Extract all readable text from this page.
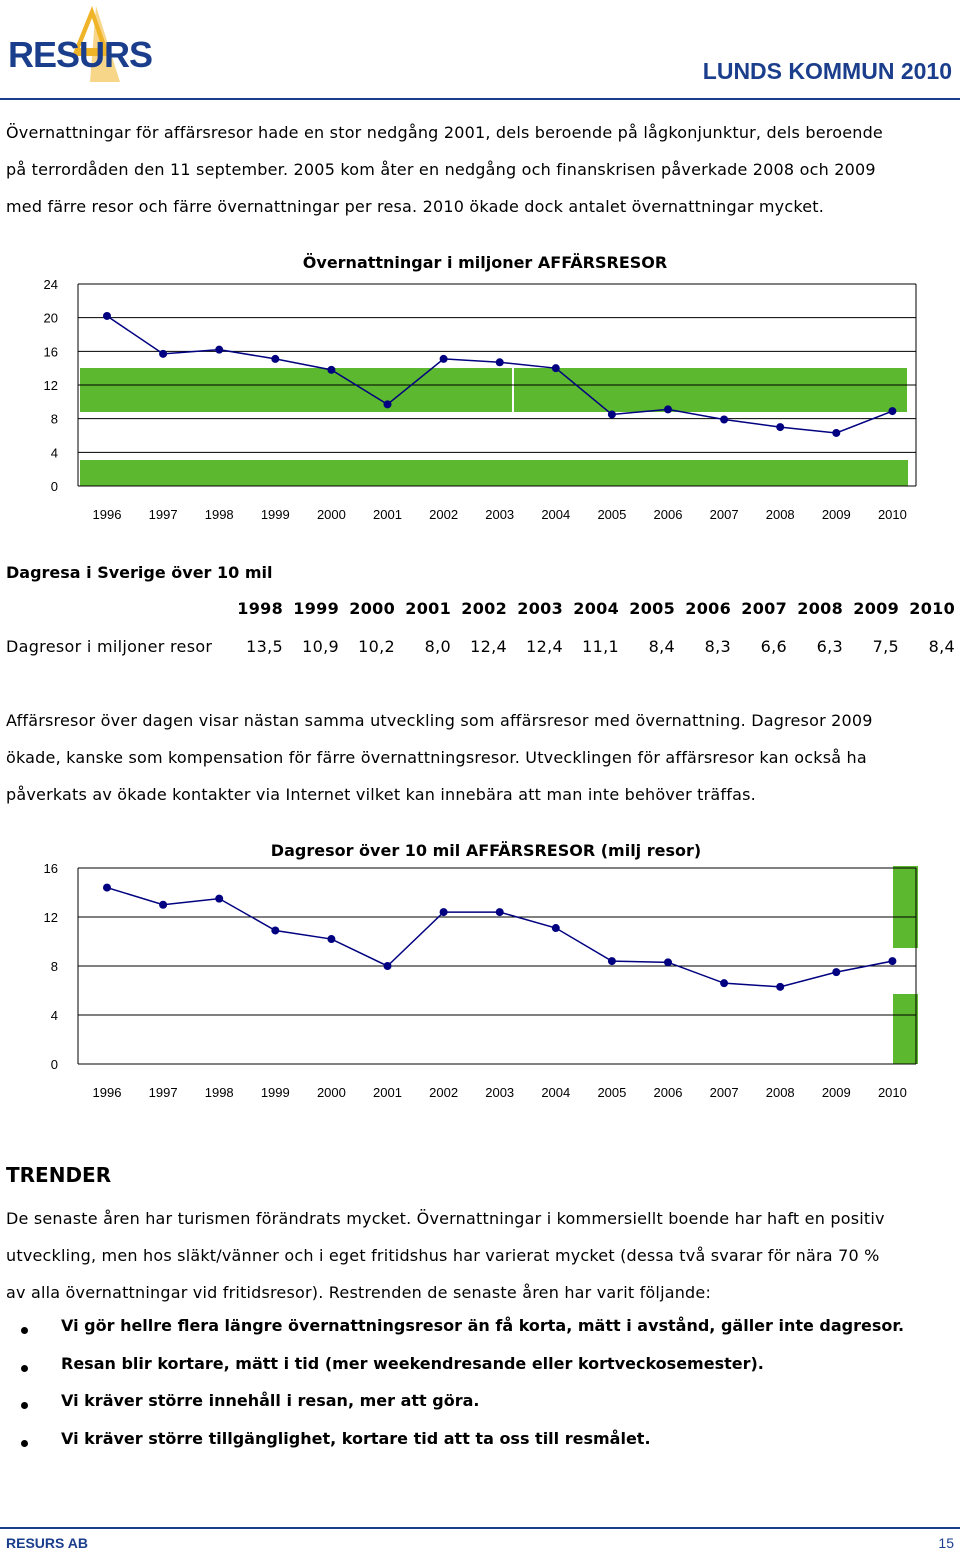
RESURS	LUNDS KOMMUN 2010
Övernattningar för affärsresor hade en stor nedgång 2001, dels beroende på lågkonjunktur, dels beroende
på terrordåden den 11 september. 2005 kom åter en nedgång och finanskrisen påverkade 2008 och 2009
med färre resor och färre övernattningar per resa. 2010 ökade dock antalet övernattningar mycket.
Övernattningar i miljoner AFFÄRSRESOR
0
4
8
12
16
20
24
1996 1997 1998 1999 2000 2001 2002 2003 2004 2005 2006 2007 2008 2009 2010
Dagresa i Sverige över 10 mil
1998 1999 2000 2001 2002 2003 2004 2005 2006 2007 2008 2009 2010
Dagresor i miljoner resor 13,5 10,9 10,2 8,0 12,4 12,4 11,1 8,4 8,3 6,6 6,3 7,5 8,4
Affärsresor över dagen visar nästan samma utveckling som affärsresor med övernattning. Dagresor 2009
ökade, kanske som kompensation för färre övernattningsresor. Utvecklingen för affärsresor kan också ha
påverkats av ökade kontakter via Internet vilket kan innebära att man inte behöver träffas.
Dagresor över 10 mil AFFÄRSRESOR (milj resor)
0
4
8
12
16
1996 1997 1998 1999 2000 2001 2002 2003 2004 2005 2006 2007 2008 2009 2010
TRENDER
De senaste åren har turismen förändrats mycket. Övernattningar i kommersiellt boende har haft en positiv
utveckling, men hos släkt/vänner och i eget fritidshus har varierat mycket (dessa två svarar för nära 70 %
av alla övernattningar vid fritidsresor). Restrenden de senaste åren har varit följande:
Vi gör hellre flera längre övernattningsresor än få korta, mätt i avstånd, gäller inte dagresor.
Resan blir kortare, mätt i tid (mer weekendresande eller kortveckosemester).
Vi kräver större innehåll i resan, mer att göra.
Vi kräver större tillgänglighet, kortare tid att ta oss till resmålet.
RESURS AB	15
